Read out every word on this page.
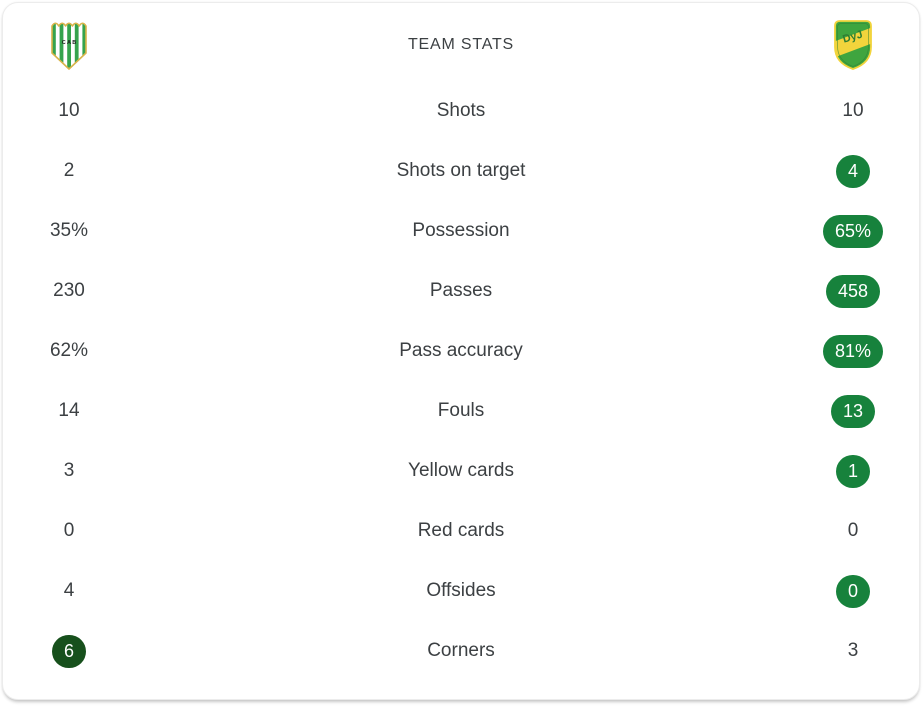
C A B	TEAM STATS	DyJ
10	Shots	10
2	Shots on target	4
35%	Possession	65%
230	Passes	458
62%	Pass accuracy	81%
14	Fouls	13
3	Yellow cards	1
0	Red cards	0
4	Offsides	0
6	Corners	3
